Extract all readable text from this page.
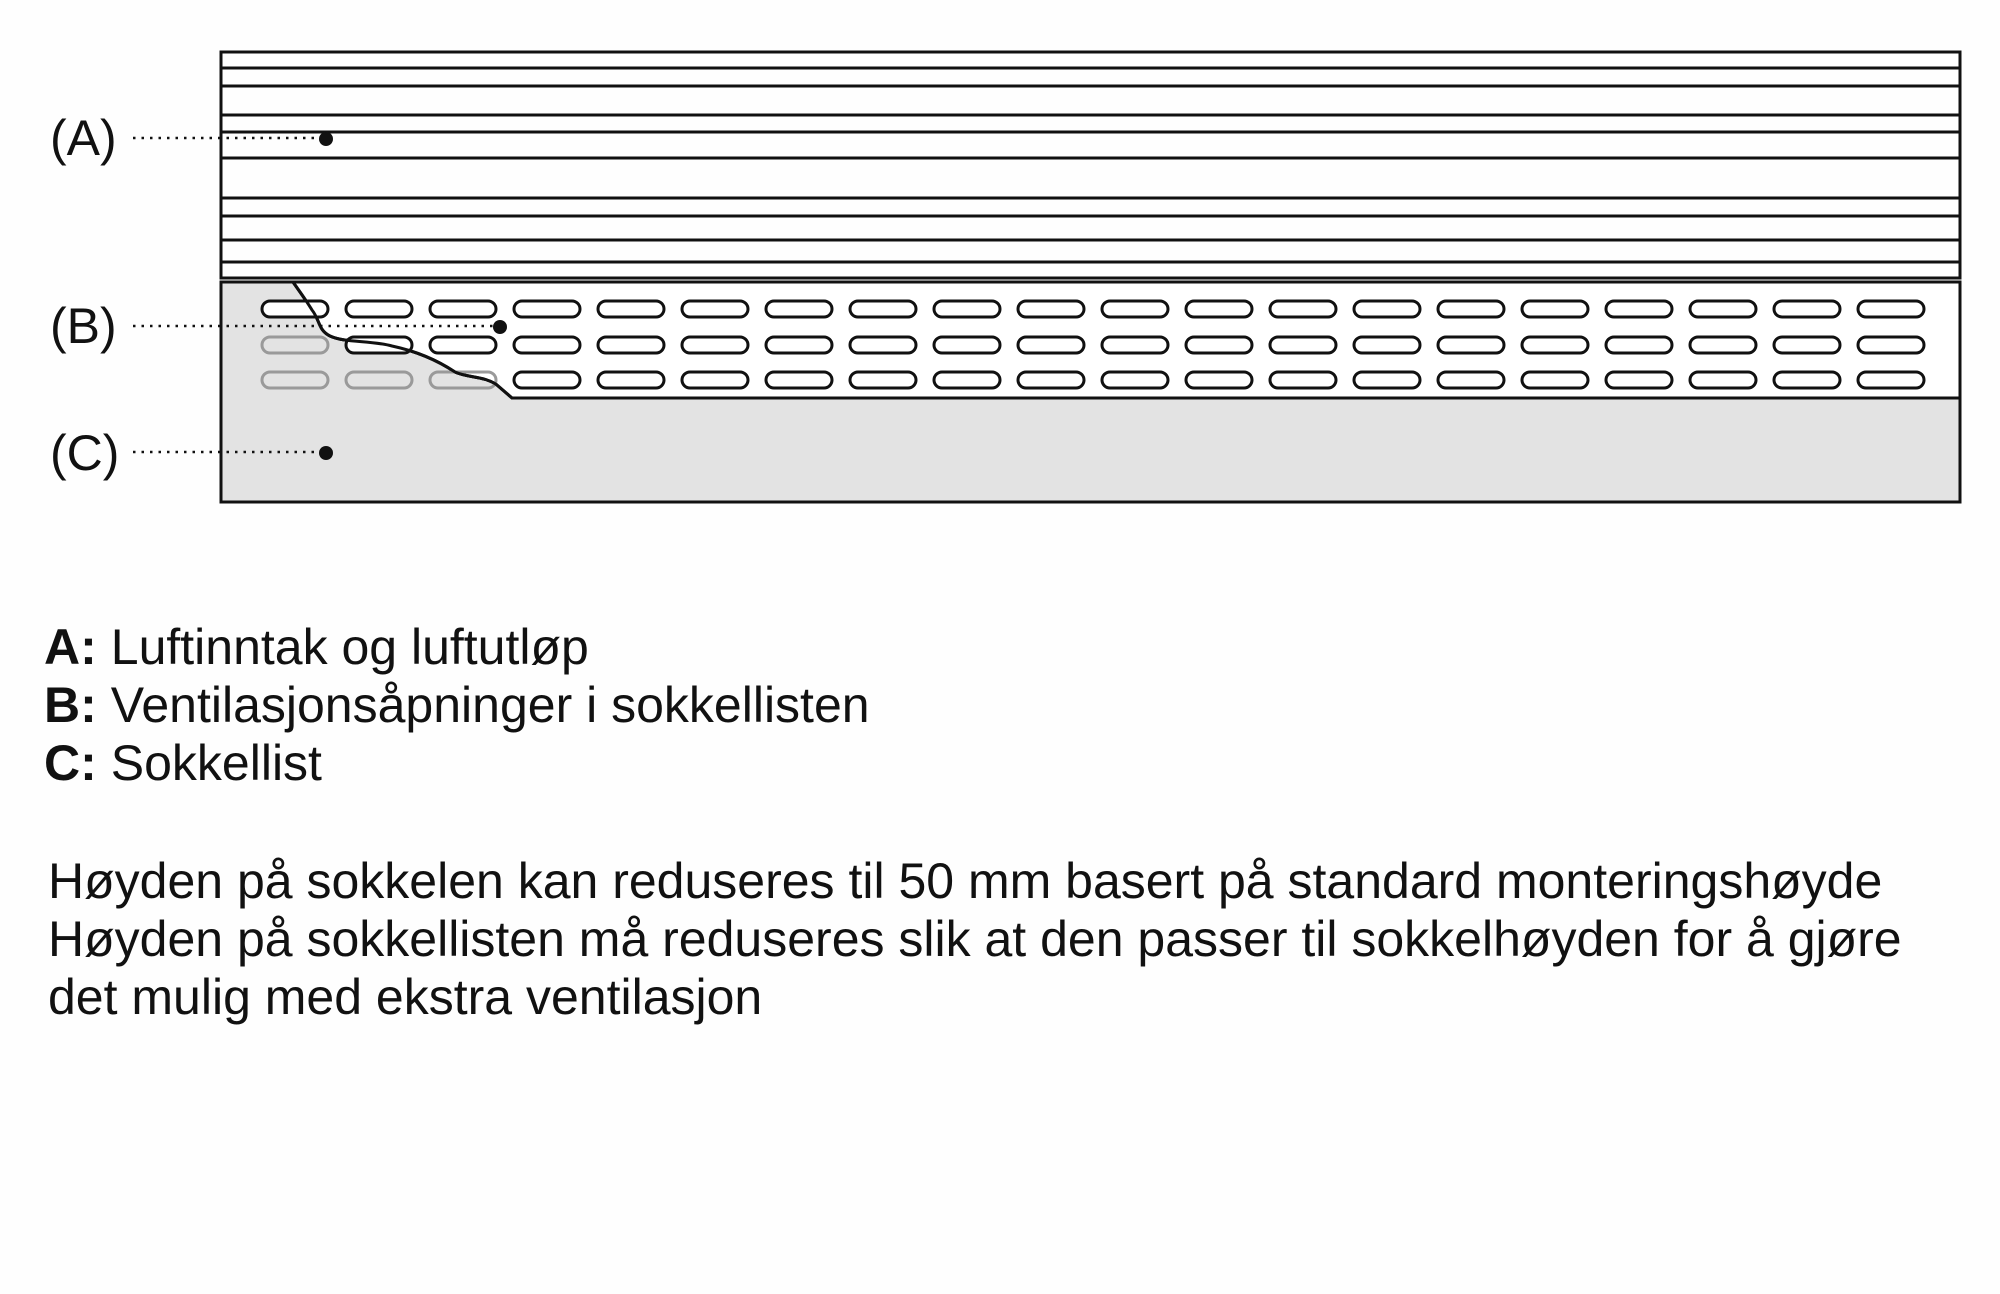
(A)
(B)
(C)
A: Luftinntak og luftutløp
B: Ventilasjonsåpninger i sokkellisten
C: Sokkellist
Høyden på sokkelen kan reduseres til 50 mm basert på standard monteringshøyde
Høyden på sokkellisten må reduseres slik at den passer til sokkelhøyden for å gjøre det mulig med ekstra ventilasjon
